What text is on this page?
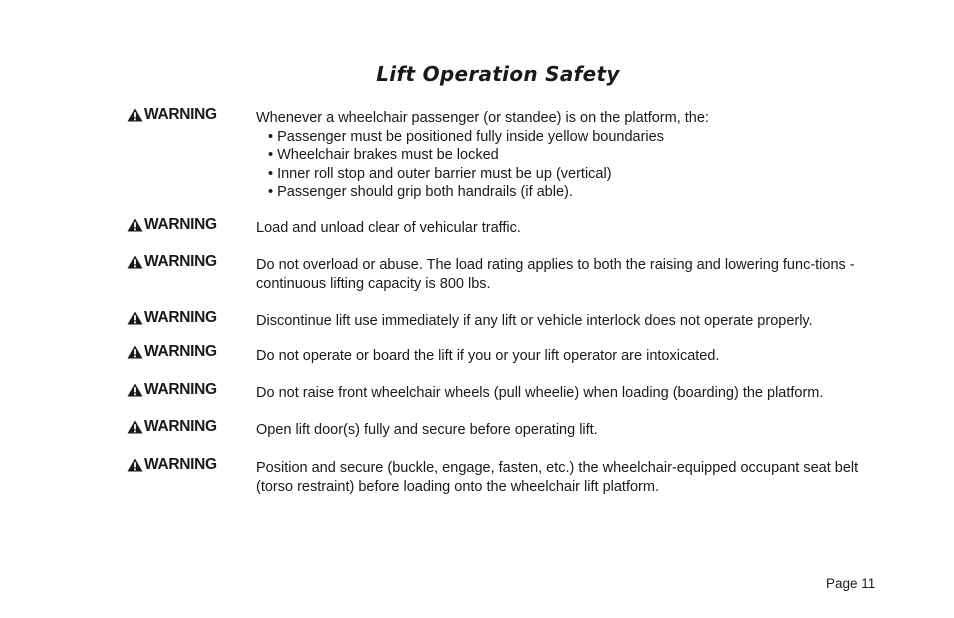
Lift Operation Safety
WARNING	Whenever a wheelchair passenger (or standee) is on the platform, the:

• Passenger must be positioned fully inside yellow boundaries
• Wheelchair brakes must be locked
• Inner roll stop and outer barrier must be up (vertical)
• Passenger should grip both handrails (if able).
WARNING	Load and unload clear of vehicular traffic.
WARNING	Do not overload or abuse. The load rating applies to both the raising and lowering func-tions - continuous lifting capacity is 800 lbs.
WARNING	Discontinue lift use immediately if any lift or vehicle interlock does not operate properly.
WARNING	Do not operate or board the lift if you or your lift operator are intoxicated.
WARNING	Do not raise front wheelchair wheels (pull wheelie) when loading (boarding) the platform.
WARNING	Open lift door(s) fully and secure before operating lift.
WARNING	Position and secure (buckle, engage, fasten, etc.) the wheelchair-equipped occupant seat belt (torso restraint) before loading onto the wheelchair lift platform.
Page 11
